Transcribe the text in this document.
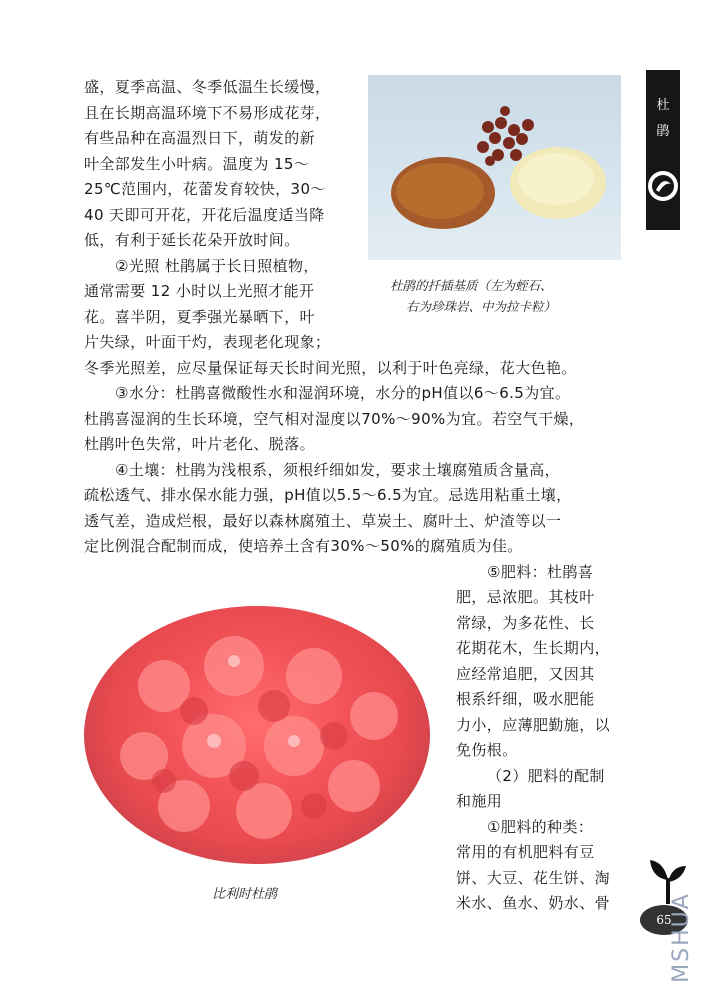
盛，夏季高温、冬季低温生长缓慢，
且在长期高温环境下不易形成花芽，
有些品种在高温烈日下，萌发的新
叶全部发生小叶病。温度为 15～
25℃范围内，花蕾发育较快，30～
40 天即可开花，开花后温度适当降
低，有利于延长花朵开放时间。
②光照 杜鹃属于长日照植物，
通常需要 12 小时以上光照才能开
花。喜半阴，夏季强光暴晒下，叶
片失绿，叶面干灼，表现老化现象；
杜鹃的扦插基质（左为蛭石、
右为珍珠岩、中为拉卡粒）
冬季光照差，应尽量保证每天长时间光照，以利于叶色亮绿，花大色艳。
③水分：杜鹃喜微酸性水和湿润环境，水分的pH值以6～6.5为宜。
杜鹃喜湿润的生长环境，空气相对湿度以70%～90%为宜。若空气干燥，
杜鹃叶色失常，叶片老化、脱落。
④土壤：杜鹃为浅根系，须根纤细如发，要求土壤腐殖质含量高，
疏松透气、排水保水能力强，pH值以5.5～6.5为宜。忌选用粘重土壤，
透气差，造成烂根，最好以森林腐殖土、草炭土、腐叶土、炉渣等以一
定比例混合配制而成，使培养土含有30%～50%的腐殖质为佳。
比利时杜鹃
⑤肥料：杜鹃喜
肥，忌浓肥。其枝叶
常绿，为多花性、长
花期花木，生长期内，
应经常追肥，又因其
根系纤细，吸水肥能
力小，应薄肥勤施，以
免伤根。
（2）肥料的配制
和施用
①肥料的种类：
常用的有机肥料有豆
饼、大豆、花生饼、淘
米水、鱼水、奶水、骨
杜
鹃
65
MSHUA
